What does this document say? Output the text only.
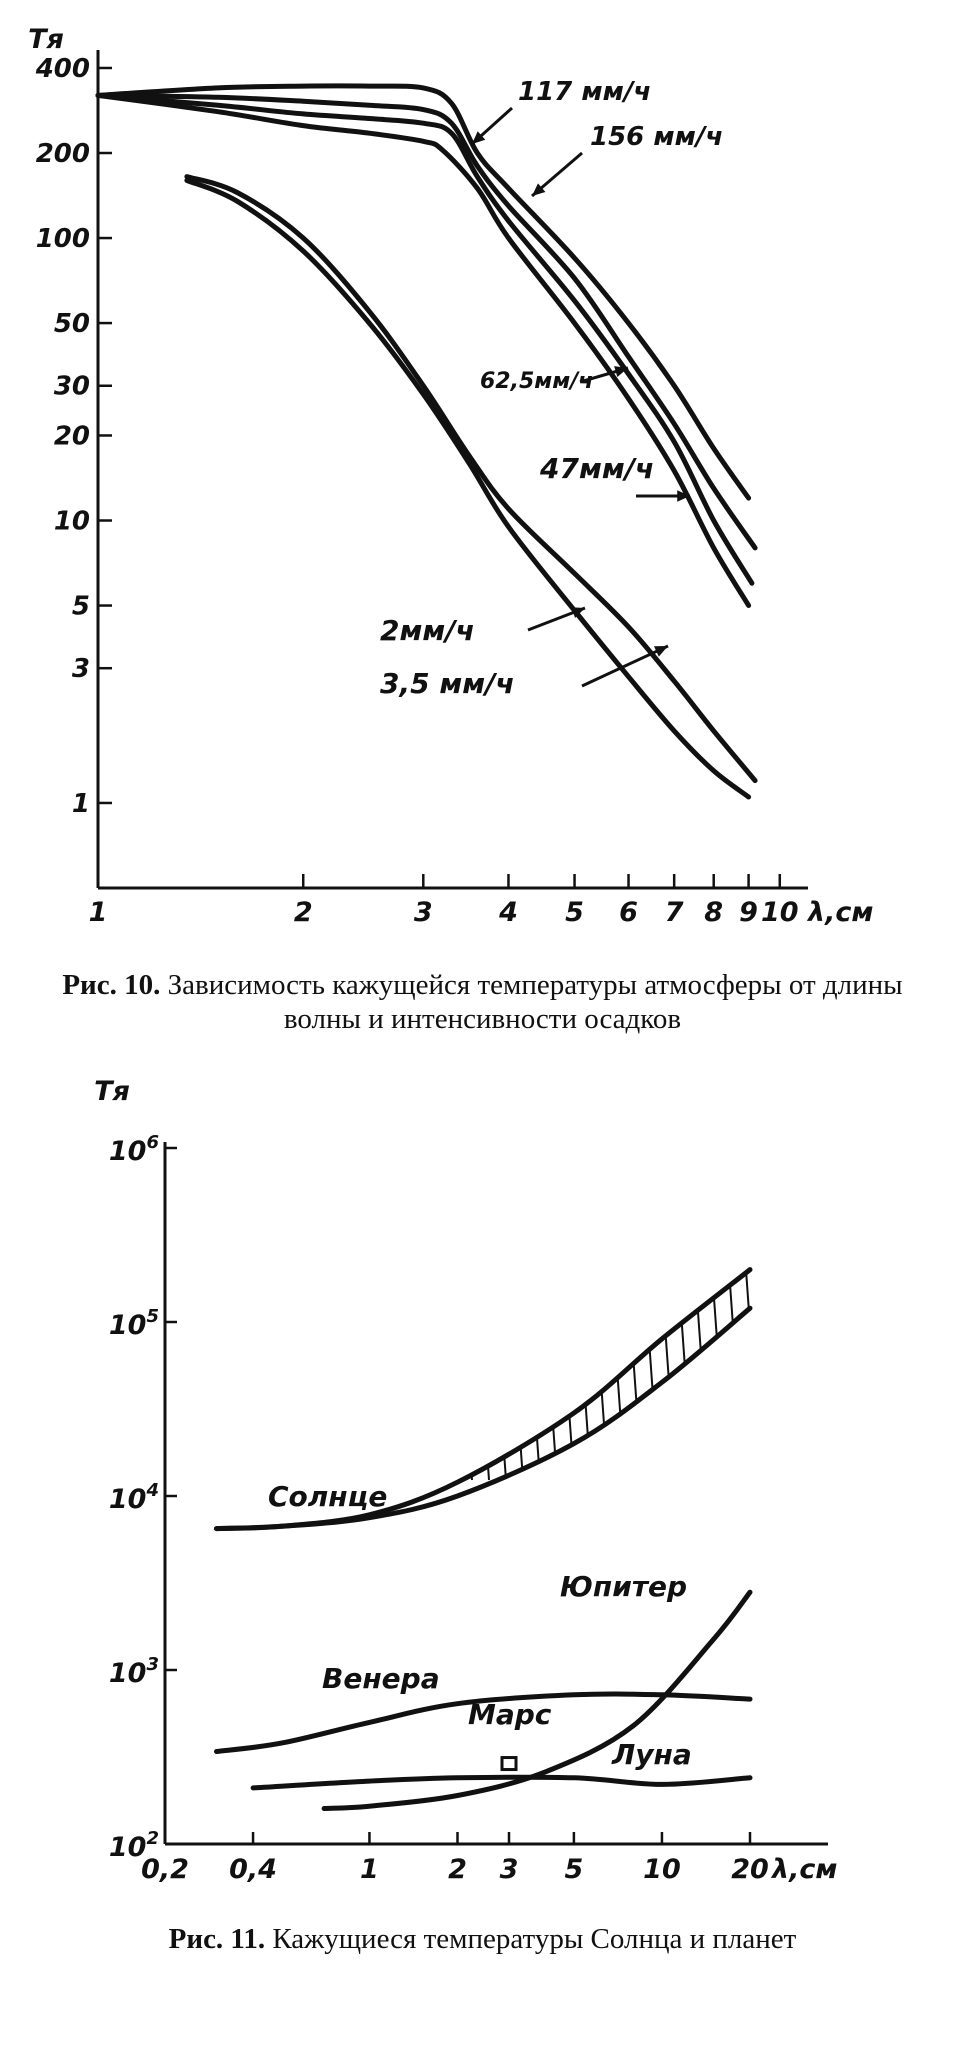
1	2	3 4 5 6 7 8 9 10
400
200
100
50
30
20
10
5
3
1
Tя
λ,см
117 мм/ч
156 мм/ч
62,5мм/ч
47мм/ч
2мм/ч
3,5 мм/ч
Рис. 10. Зависимость кажущейся температуры атмосферы от длины волны и интенсивности осадков
0,2 0,4	1	2 3 5 10 20
$10^2$
$10^3$
$10^4$
$10^5$
$10^6$
Tя
λ,см
Солнце
Венера
Марс
Луна
Юпитер
Рис. 11. Кажущиеся температуры Солнца и планет
